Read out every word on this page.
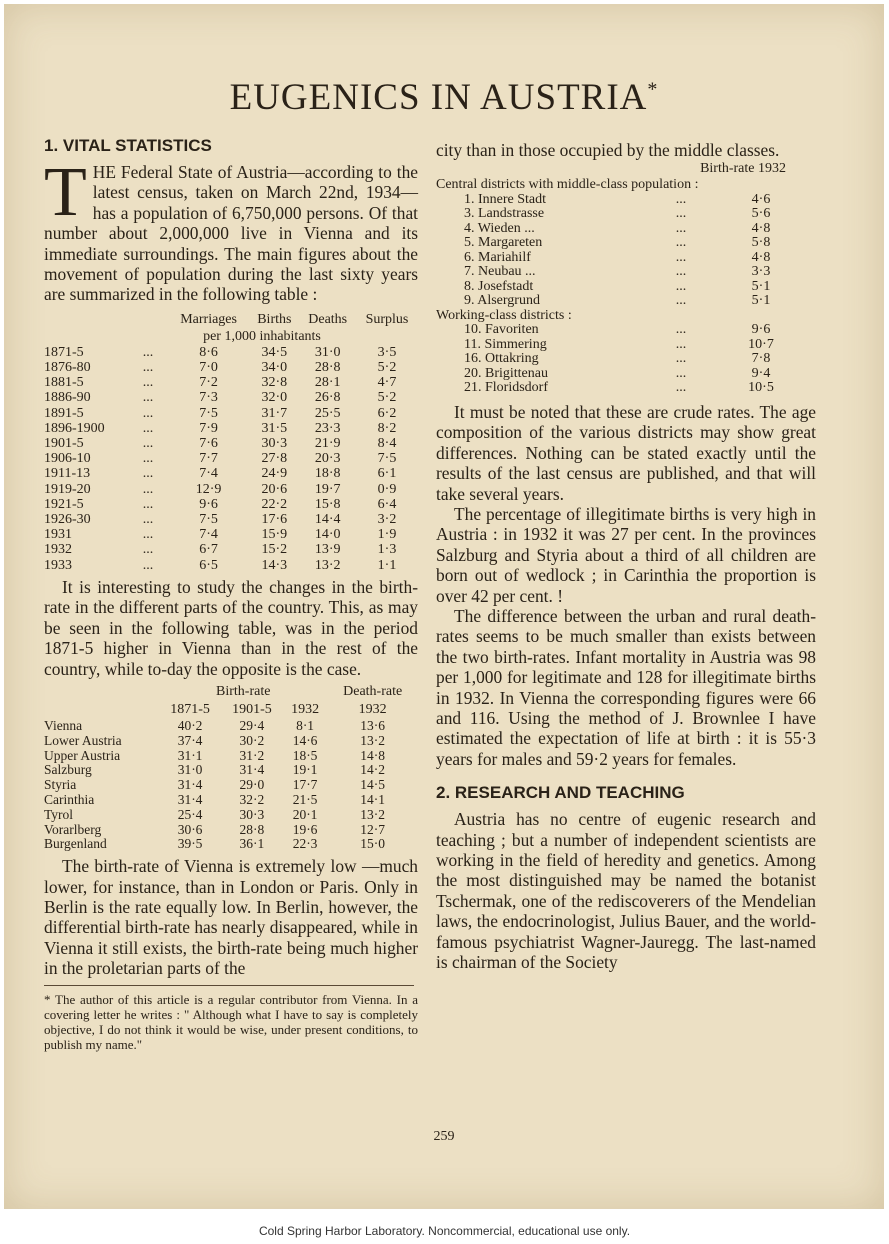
EUGENICS IN AUSTRIA*
1. VITAL STATISTICS

THE Federal State of Austria—according to the latest census, taken on March 22nd, 1934—has a population of 6,750,000 persons. Of that number about 2,000,000 live in Vienna and its immediate surroundings. The main figures about the movement of population during the last sixty years are summarized in the following table :

		Marriages	Births	Deaths	Surplus
		per 1,000 inhabitants			
1871-5	...	8·6	34·5	31·0	3·5
1876-80	...	7·0	34·0	28·8	5·2
1881-5	...	7·2	32·8	28·1	4·7
1886-90	...	7·3	32·0	26·8	5·2
1891-5	...	7·5	31·7	25·5	6·2
1896-1900	...	7·9	31·5	23·3	8·2
1901-5	...	7·6	30·3	21·9	8·4
1906-10	...	7·7	27·8	20·3	7·5
1911-13	...	7·4	24·9	18·8	6·1
1919-20	...	12·9	20·6	19·7	0·9
1921-5	...	9·6	22·2	15·8	6·4
1926-30	...	7·5	17·6	14·4	3·2
1931	...	7·4	15·9	14·0	1·9
1932	...	6·7	15·2	13·9	1·3
1933	...	6·5	14·3	13·2	1·1

It is interesting to study the changes in the birth-rate in the different parts of the country. This, as may be seen in the following table, was in the period 1871-5 higher in Vienna than in the rest of the country, while to-day the opposite is the case.

	Birth-rate			Death-rate
	1871-5	1901-5	1932	1932
Vienna	40·2	29·4	8·1	13·6
Lower Austria	37·4	30·2	14·6	13·2
Upper Austria	31·1	31·2	18·5	14·8
Salzburg	31·0	31·4	19·1	14·2
Styria	31·4	29·0	17·7	14·5
Carinthia	31·4	32·2	21·5	14·1
Tyrol	25·4	30·3	20·1	13·2
Vorarlberg	30·6	28·8	19·6	12·7
Burgenland	39·5	36·1	22·3	15·0

The birth-rate of Vienna is extremely low —much lower, for instance, than in London or Paris. Only in Berlin is the rate equally low. In Berlin, however, the differential birth-rate has nearly disappeared, while in Vienna it still exists, the birth-rate being much higher in the proletarian parts of the

* The author of this article is a regular contributor from Vienna. In a covering letter he writes : " Although what I have to say is completely objective, I do not think it would be wise, under present conditions, to publish my name."

city than in those occupied by the middle classes.

Birth-rate 1932		
Central districts with middle-class population :		
1. Innere Stadt	...	4·6
3. Landstrasse	...	5·6
4. Wieden ...	...	4·8
5. Margareten	...	5·8
6. Mariahilf	...	4·8
7. Neubau ...	...	3·3
8. Josefstadt	...	5·1
9. Alsergrund	...	5·1
Working-class districts :		
10. Favoriten	...	9·6
11. Simmering	...	10·7
16. Ottakring	...	7·8
20. Brigittenau	...	9·4
21. Floridsdorf	...	10·5

It must be noted that these are crude rates. The age composition of the various districts may show great differences. Nothing can be stated exactly until the results of the last census are published, and that will take several years.

The percentage of illegitimate births is very high in Austria : in 1932 it was 27 per cent. In the provinces Salzburg and Styria about a third of all children are born out of wedlock ; in Carinthia the proportion is over 42 per cent. !

The difference between the urban and rural death-rates seems to be much smaller than exists between the two birth-rates. Infant mortality in Austria was 98 per 1,000 for legitimate and 128 for illegitimate births in 1932. In Vienna the corresponding figures were 66 and 116. Using the method of J. Brownlee I have estimated the expectation of life at birth : it is 55·3 years for males and 59·2 years for females.

2. RESEARCH AND TEACHING

Austria has no centre of eugenic research and teaching ; but a number of independent scientists are working in the field of heredity and genetics. Among the most distinguished may be named the botanist Tschermak, one of the rediscoverers of the Mendelian laws, the endocrinologist, Julius Bauer, and the world-famous psychiatrist Wagner-Jauregg. The last-named is chairman of the Society

259
Cold Spring Harbor Laboratory. Noncommercial, educational use only.
